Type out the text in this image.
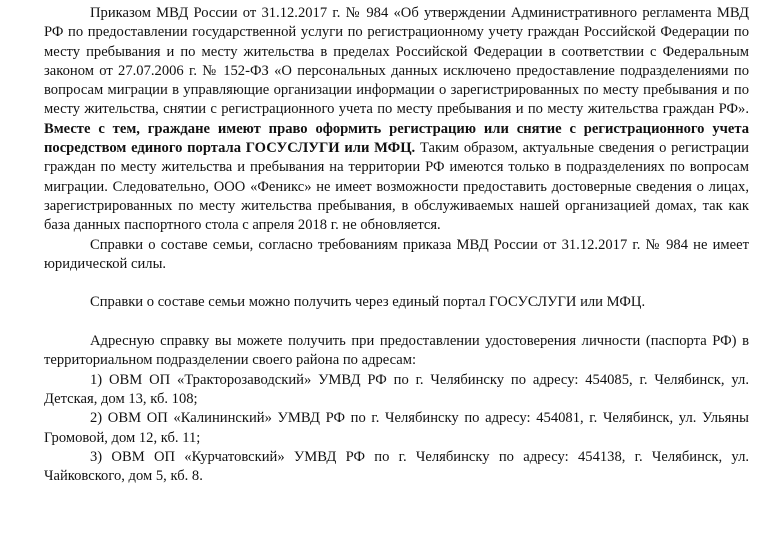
Приказом МВД России от 31.12.2017 г. № 984 «Об утверждении Административного регламента МВД РФ по предоставлении государственной услуги по регистрационному учету граждан Российской Федерации по месту пребывания и по месту жительства в пределах Российской Федерации в соответствии с Федеральным законом от 27.07.2006 г. № 152-ФЗ «О персональных данных исключено предоставление подразделениями по вопросам миграции в управляющие организации информации о зарегистрированных по месту пребывания и по месту жительства, снятии с регистрационного учета по месту пребывания и по месту жительства граждан РФ». Вместе с тем, граждане имеют право оформить регистрацию или снятие с регистрационного учета посредством единого портала ГОСУСЛУГИ или МФЦ. Таким образом, актуальные сведения о регистрации граждан по месту жительства и пребывания на территории РФ имеются только в подразделениях по вопросам миграции. Следовательно, ООО «Феникс» не имеет возможности предоставить достоверные сведения о лицах, зарегистрированных по месту жительства пребывания, в обслуживаемых нашей организацией домах, так как база данных паспортного стола с апреля 2018 г. не обновляется.

Справки о составе семьи, согласно требованиям приказа МВД России от 31.12.2017 г. № 984 не имеет юридической силы.

Справки о составе семьи можно получить через единый портал ГОСУСЛУГИ или МФЦ.

Адресную справку вы можете получить при предоставлении удостоверения личности (паспорта РФ) в территориальном подразделении своего района по адресам:

1) ОВМ ОП «Тракторозаводский» УМВД РФ по г. Челябинску по адресу: 454085, г. Челябинск, ул. Детская, дом 13, кб. 108;

2) ОВМ ОП «Калининский» УМВД РФ по г. Челябинску по адресу: 454081, г. Челябинск, ул. Ульяны Громовой, дом 12, кб. 11;

3) ОВМ ОП «Курчатовский» УМВД РФ по г. Челябинску по адресу: 454138, г. Челябинск, ул. Чайковского, дом 5, кб. 8.
